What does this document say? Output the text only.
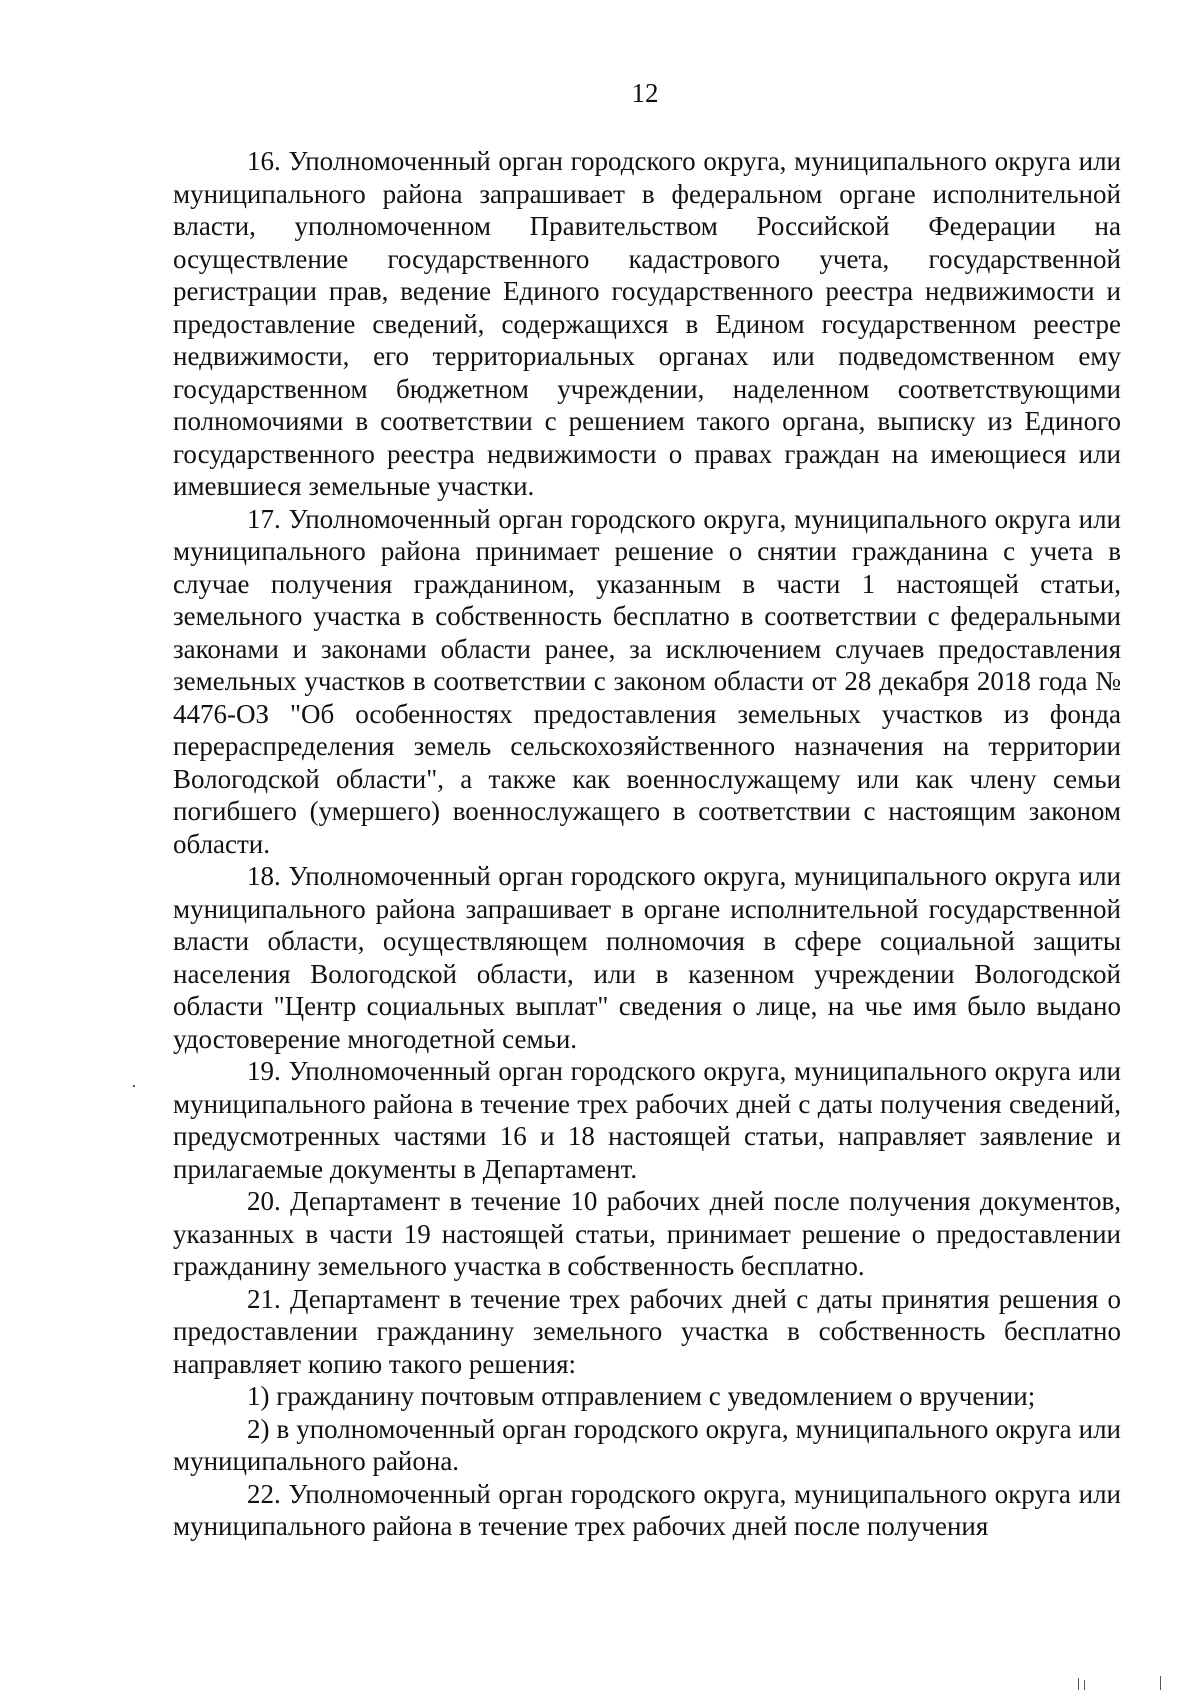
12

16. Уполномоченный орган городского округа, муниципального округа или муниципального района запрашивает в федеральном органе исполнительной власти, уполномоченном Правительством Российской Федерации на осуществление государственного кадастрового учета, государственной регистрации прав, ведение Единого государственного реестра недвижимости и предоставление сведений, содержащихся в Едином государственном реестре недвижимости, его территориальных органах или подведомственном ему государственном бюджетном учреждении, наделенном соответствующими полномочиями в соответствии с решением такого органа, выписку из Единого государственного реестра недвижимости о правах граждан на имеющиеся или имевшиеся земельные участки.

17. Уполномоченный орган городского округа, муниципального округа или муниципального района принимает решение о снятии гражданина с учета в случае получения гражданином, указанным в части 1 настоящей статьи, земельного участка в собственность бесплатно в соответствии с федеральными законами и законами области ранее, за исключением случаев предоставления земельных участков в соответствии с законом области от 28 декабря 2018 года № 4476-ОЗ "Об особенностях предоставления земельных участков из фонда перераспределения земель сельскохозяйственного назначения на территории Вологодской области", а также как военнослужащему или как члену семьи погибшего (умершего) военнослужащего в соответствии с настоящим законом области.

18. Уполномоченный орган городского округа, муниципального округа или муниципального района запрашивает в органе исполнительной государственной власти области, осуществляющем полномочия в сфере социальной защиты населения Вологодской области, или в казенном учреждении Вологодской области "Центр социальных выплат" сведения о лице, на чье имя было выдано удостоверение многодетной семьи.

19. Уполномоченный орган городского округа, муниципального округа или муниципального района в течение трех рабочих дней с даты получения сведений, предусмотренных частями 16 и 18 настоящей статьи, направляет заявление и прилагаемые документы в Департамент.

20. Департамент в течение 10 рабочих дней после получения документов, указанных в части 19 настоящей статьи, принимает решение о предоставлении гражданину земельного участка в собственность бесплатно.

21. Департамент в течение трех рабочих дней с даты принятия решения о предоставлении гражданину земельного участка в собственность бесплатно направляет копию такого решения:

1) гражданину почтовым отправлением с уведомлением о вручении;

2) в уполномоченный орган городского округа, муниципального округа или муниципального района.

22. Уполномоченный орган городского округа, муниципального округа или муниципального района в течение трех рабочих дней после получения
